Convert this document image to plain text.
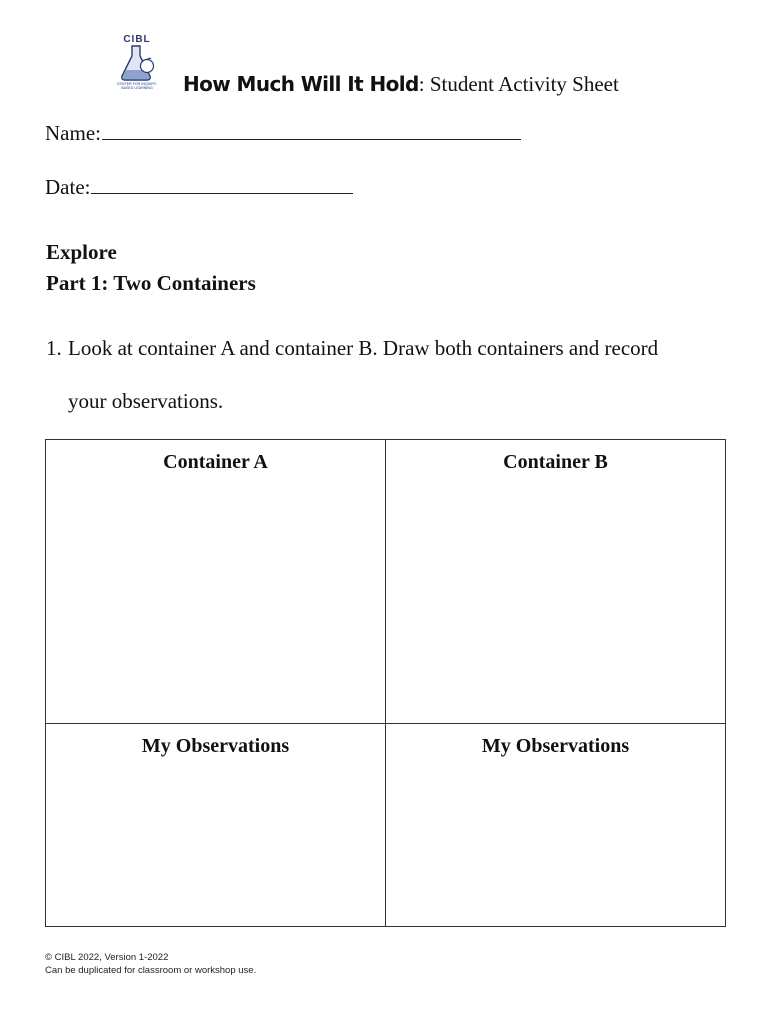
CIBL
CENTER FOR INQUIRY-BASED LEARNING	How Much Will It Hold: Student Activity Sheet
Name:
Date:
Explore
Part 1: Two Containers
1. Look at container A and container B. Draw both containers and record
your observations.
Container A	Container B
My Observations	My Observations
© CIBL 2022, Version 1-2022
Can be duplicated for classroom or workshop use.
